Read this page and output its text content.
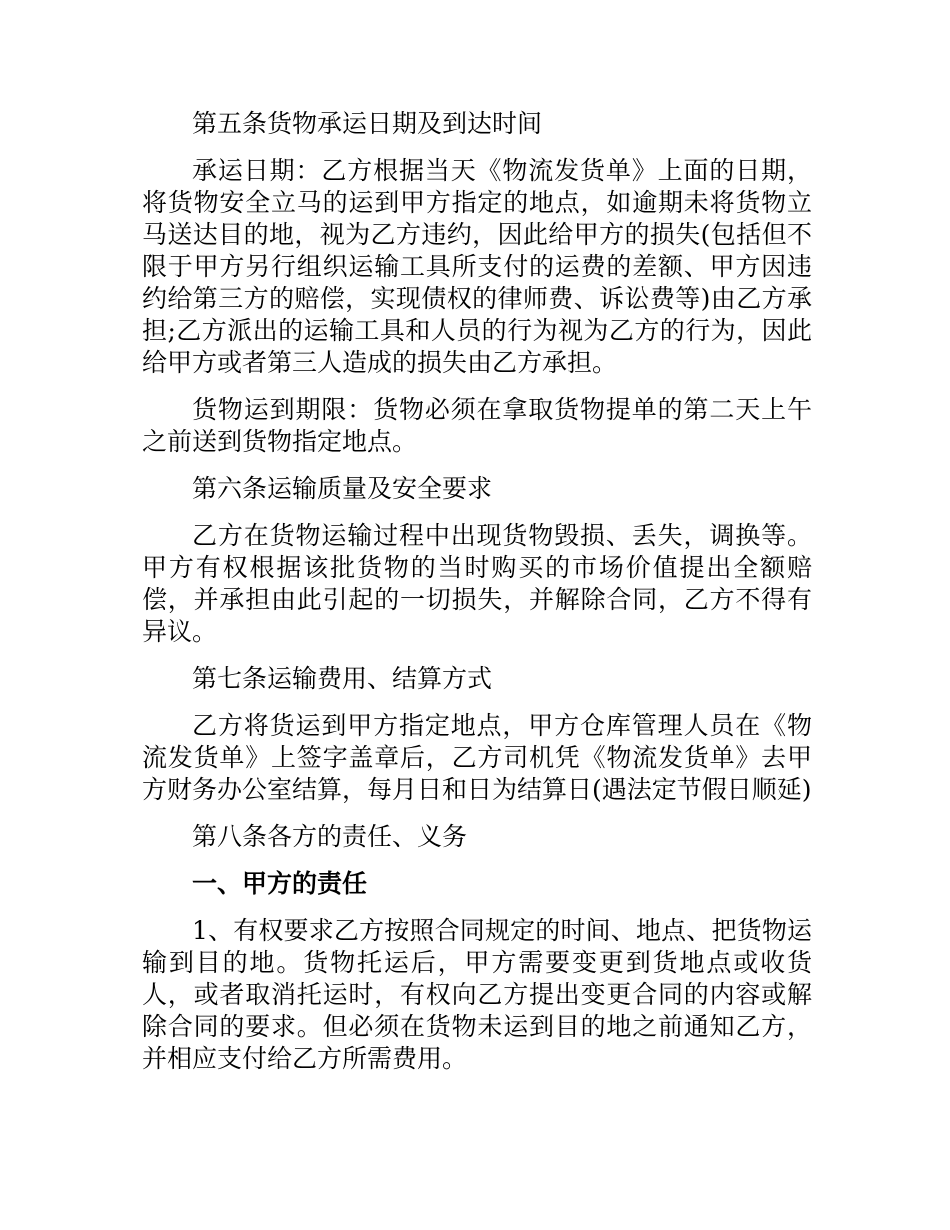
第五条货物承运日期及到达时间

承运日期：乙方根据当天《物流发货单》上面的日期，将货物安全立马的运到甲方指定的地点，如逾期未将货物立马送达目的地，视为乙方违约，因此给甲方的损失(包括但不限于甲方另行组织运输工具所支付的运费的差额、甲方因违约给第三方的赔偿，实现债权的律师费、诉讼费等)由乙方承担;乙方派出的运输工具和人员的行为视为乙方的行为，因此给甲方或者第三人造成的损失由乙方承担。

货物运到期限：货物必须在拿取货物提单的第二天上午之前送到货物指定地点。

第六条运输质量及安全要求

乙方在货物运输过程中出现货物毁损、丢失，调换等。甲方有权根据该批货物的当时购买的市场价值提出全额赔偿，并承担由此引起的一切损失，并解除合同，乙方不得有异议。

第七条运输费用、结算方式

乙方将货运到甲方指定地点，甲方仓库管理人员在《物流发货单》上签字盖章后，乙方司机凭《物流发货单》去甲方财务办公室结算，每月日和日为结算日(遇法定节假日顺延)

第八条各方的责任、义务

一、甲方的责任

1、有权要求乙方按照合同规定的时间、地点、把货物运输到目的地。货物托运后，甲方需要变更到货地点或收货人，或者取消托运时，有权向乙方提出变更合同的内容或解除合同的要求。但必须在货物未运到目的地之前通知乙方，并相应支付给乙方所需费用。
